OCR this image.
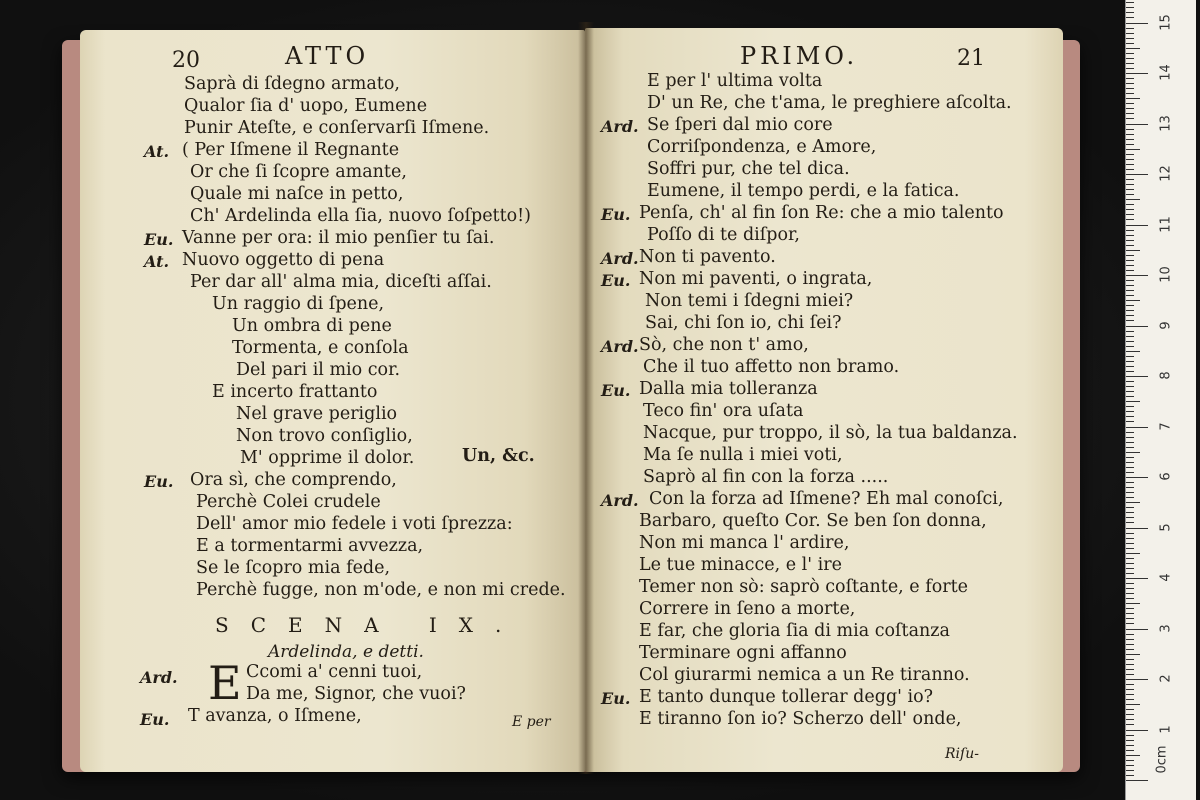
20	ATTO
At.
Eu.
At.
Eu.
Saprà di ſdegno armato,
Qualor ſia d' uopo, Eumene
Punir Ateſte, e conſervarſi Iſmene.
( Per Iſmene il Regnante
Or che ſi ſcopre amante,
Quale mi naſce in petto,
Ch' Ardelinda ella ſia, nuovo ſoſpetto!)
Vanne per ora: il mio penſier tu ſai.
Nuovo oggetto di pena
Per dar all' alma mia, diceſti aſſai.
Un raggio di ſpene,
Un ombra di pene
Tormenta, e conſola
Del pari il mio cor.
E incerto frattanto
Nel grave periglio
Non trovo conſiglio,
M' opprime il dolor.	Un, &c.
Ora sì, che comprendo,
Perchè Colei crudele
Dell' amor mio fedele i voti ſprezza:
E a tormentarmi avvezza,
Se le ſcopro mia fede,
Perchè fugge, non m'ode, e non mi crede.
SCENA IX.
Ardelinda, e detti.
Ard. E Ccomi a' cenni tuoi,
Da me, Signor, che vuoi?
Eu. T avanza, o Iſmene,	E per
PRIMO.	21
Ard.
Eu.
Ard.
Eu.
Ard.
Eu.
Ard.
Eu.
E per l' ultima volta
D' un Re, che t'ama, le preghiere aſcolta.
Se ſperi dal mio core
Corriſpondenza, e Amore,
Soffri pur, che tel dica.
Eumene, il tempo perdi, e la fatica.
Penſa, ch' al fin ſon Re: che a mio talento
Poſſo di te diſpor,
Non ti pavento.
Non mi paventi, o ingrata,
Non temi i ſdegni miei?
Sai, chi ſon io, chi ſei?
Sò, che non t' amo,
Che il tuo affetto non bramo.
Dalla mia tolleranza
Teco fin' ora uſata
Nacque, pur troppo, il sò, la tua baldanza.
Ma ſe nulla i miei voti,
Saprò al fin con la forza .....
Con la forza ad Iſmene? Eh mal conoſci,
Barbaro, queſto Cor. Se ben ſon donna,
Non mi manca l' ardire,
Le tue minacce, e l' ire
Temer non sò: saprò coſtante, e forte
Correre in ſeno a morte,
E far, che gloria ſia di mia coſtanza
Terminare ogni affanno
Col giurarmi nemica a un Re tiranno.
E tanto dunque tollerar degg' io?
E tiranno ſon io? Scherzo dell' onde,
Riſu-
1
2
3
4
5
6
7
8
9
10
11
12
13
14
15
0cm
